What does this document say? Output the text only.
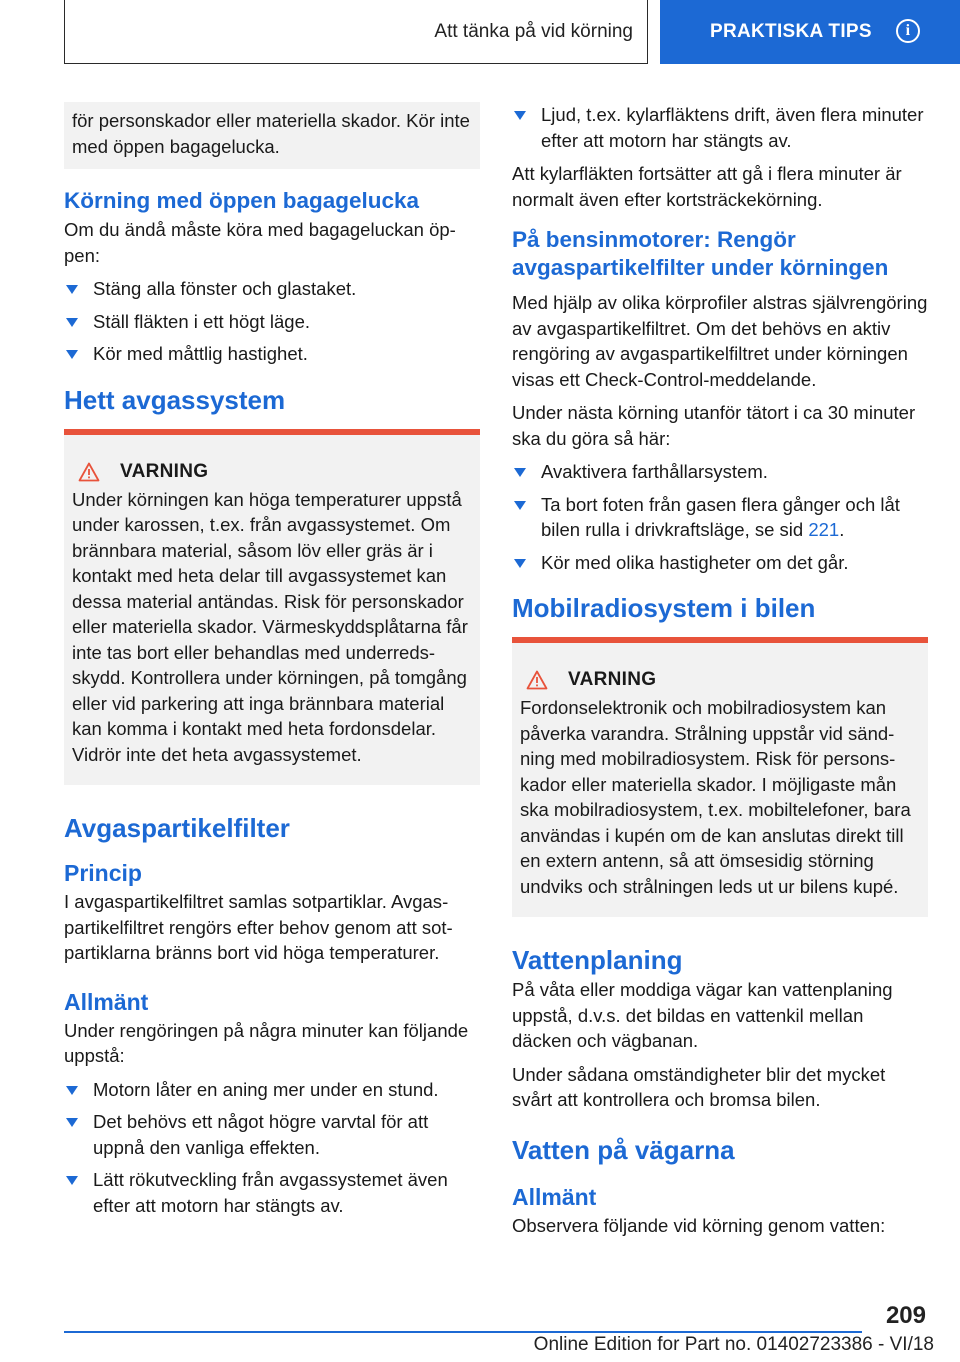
Att tänka på vid körning	PRAKTISKA TIPS	i

för personskador eller materiella skador. Kör inte med öppen bagagelucka.

Körning med öppen bagagelucka

Om du ändå måste köra med bagageluckan öppen:

Stäng alla fönster och glastaket.
Ställ fläkten i ett högt läge.
Kör med måttlig hastighet.
Hett avgassystem
VARNING

Under körningen kan höga temperaturer uppstå under karossen, t.ex. från avgassystemet. Om brännbara material, såsom löv eller gräs är i kontakt med heta delar till avgassystemet kan dessa material antändas. Risk för personskador eller materiella skador. Värmeskyddsplåtarna får inte tas bort eller behandlas med underredsskydd. Kontrollera under körningen, på tomgång eller vid parkering att inga brännbara material kan komma i kontakt med heta fordonsdelar. Vidrör inte det heta avgassystemet.

Avgaspartikelfilter
Princip

I avgaspartikelfiltret samlas sotpartiklar. Avgaspartikelfiltret rengörs efter behov genom att sotpartiklarna bränns bort vid höga temperaturer.

Allmänt

Under rengöringen på några minuter kan följande uppstå:

Motorn låter en aning mer under en stund.
Det behövs ett något högre varvtal för att uppnå den vanliga effekten.
Lätt rökutveckling från avgassystemet även efter att motorn har stängts av.
Ljud, t.ex. kylarfläktens drift, även flera minuter efter att motorn har stängts av.

Att kylarfläkten fortsätter att gå i flera minuter är normalt även efter kortsträckekörning.

På bensinmotorer: Rengör avgaspartikelfilter under körningen

Med hjälp av olika körprofiler alstras självrengöring av avgaspartikelfiltret. Om det behövs en aktiv rengöring av avgaspartikelfiltret under körningen visas ett Check-Control-meddelande.

Under nästa körning utanför tätort i ca 30 minuter ska du göra så här:

Avaktivera farthållarsystem.
Ta bort foten från gasen flera gånger och låt bilen rulla i drivkraftsläge, se sid 221.
Kör med olika hastigheter om det går.
Mobilradiosystem i bilen
VARNING

Fordonselektronik och mobilradiosystem kan påverka varandra. Strålning uppstår vid sändning med mobilradiosystem. Risk för personskador eller materiella skador. I möjligaste mån ska mobilradiosystem, t.ex. mobiltelefoner, bara användas i kupén om de kan anslutas direkt till en extern antenn, så att ömsesidig störning undviks och strålningen leds ut ur bilens kupé.

Vattenplaning

På våta eller moddiga vägar kan vattenplaning uppstå, d.v.s. det bildas en vattenkil mellan däcken och vägbanan.

Under sådana omständigheter blir det mycket svårt att kontrollera och bromsa bilen.

Vatten på vägarna
Allmänt

Observera följande vid körning genom vatten:

209
Online Edition for Part no. 01402723386 - VI/18
